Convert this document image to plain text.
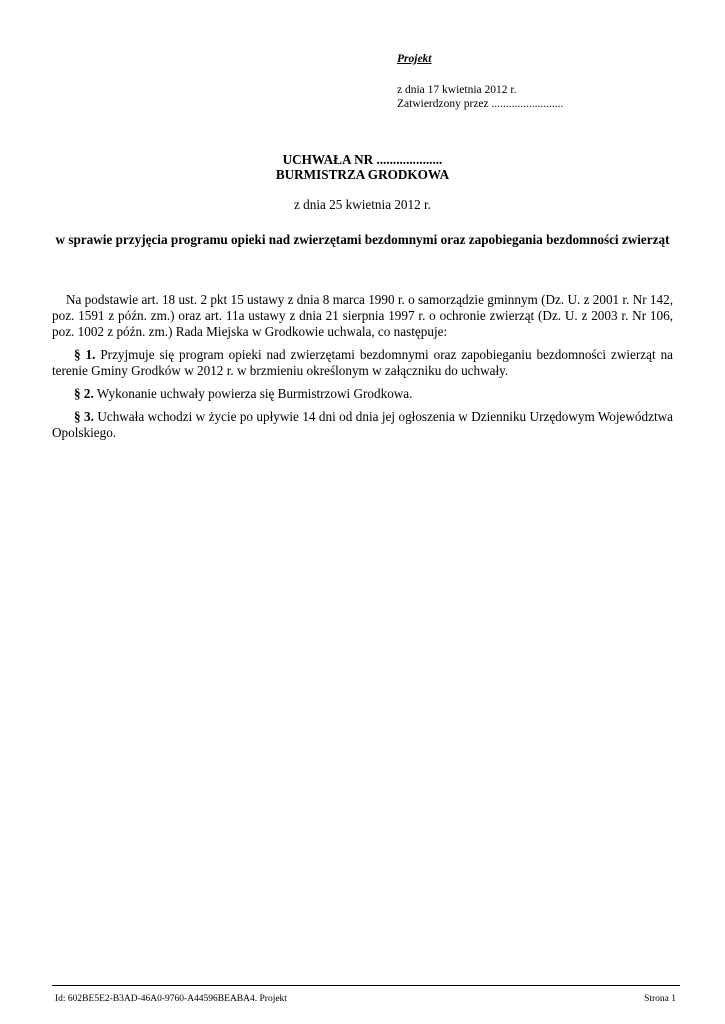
Projekt
z dnia 17 kwietnia 2012 r.
Zatwierdzony przez .........................
UCHWAŁA NR ....................
BURMISTRZA GRODKOWA
z dnia 25 kwietnia 2012 r.
w sprawie przyjęcia programu opieki nad zwierzętami bezdomnymi oraz zapobiegania bezdomności zwierząt

Na podstawie art. 18 ust. 2 pkt 15 ustawy z dnia 8 marca 1990 r. o samorządzie gminnym (Dz. U. z 2001 r. Nr 142, poz. 1591 z późn. zm.) oraz art. 11a ustawy z dnia 21 sierpnia 1997 r. o ochronie zwierząt (Dz. U. z 2003 r. Nr 106, poz. 1002 z późn. zm.) Rada Miejska w Grodkowie uchwala, co następuje:

§ 1. Przyjmuje się program opieki nad zwierzętami bezdomnymi oraz zapobieganiu bezdomności zwierząt na terenie Gminy Grodków w 2012 r. w brzmieniu określonym w załączniku do uchwały.

§ 2. Wykonanie uchwały powierza się Burmistrzowi Grodkowa.

§ 3. Uchwała wchodzi w życie po upływie 14 dni od dnia jej ogłoszenia w Dzienniku Urzędowym Województwa Opolskiego.

Id: 602BE5E2-B3AD-46A0-9760-A44596BEABA4. Projekt	Strona 1
